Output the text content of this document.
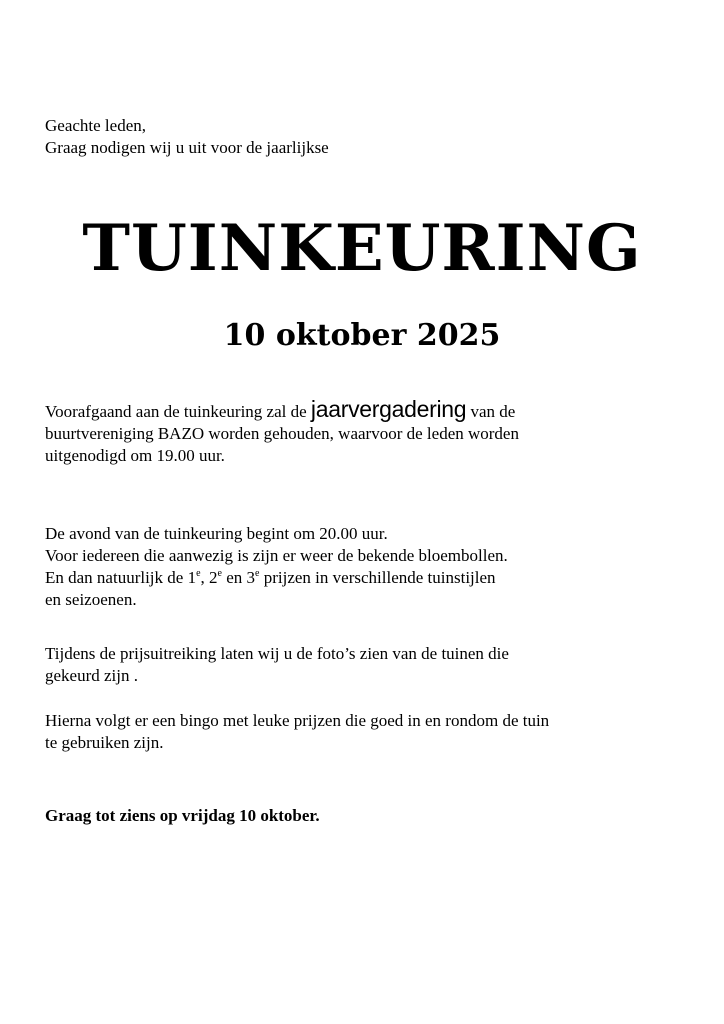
Geachte leden,
Graag nodigen wij u uit voor de jaarlijkse
TUINKEURING
10 oktober 2025
Voorafgaand aan de tuinkeuring zal de jaarvergadering van de
buurtvereniging BAZO worden gehouden, waarvoor de leden worden
uitgenodigd om 19.00 uur.
De avond van de tuinkeuring begint om 20.00 uur.
Voor iedereen die aanwezig is zijn er weer de bekende bloembollen.
En dan natuurlijk de 1e, 2e en 3e prijzen in verschillende tuinstijlen
en seizoenen.
Tijdens de prijsuitreiking laten wij u de foto’s zien van de tuinen die
gekeurd zijn .
Hierna volgt er een bingo met leuke prijzen die goed in en rondom de tuin
te gebruiken zijn.
Graag tot ziens op vrijdag 10 oktober.
